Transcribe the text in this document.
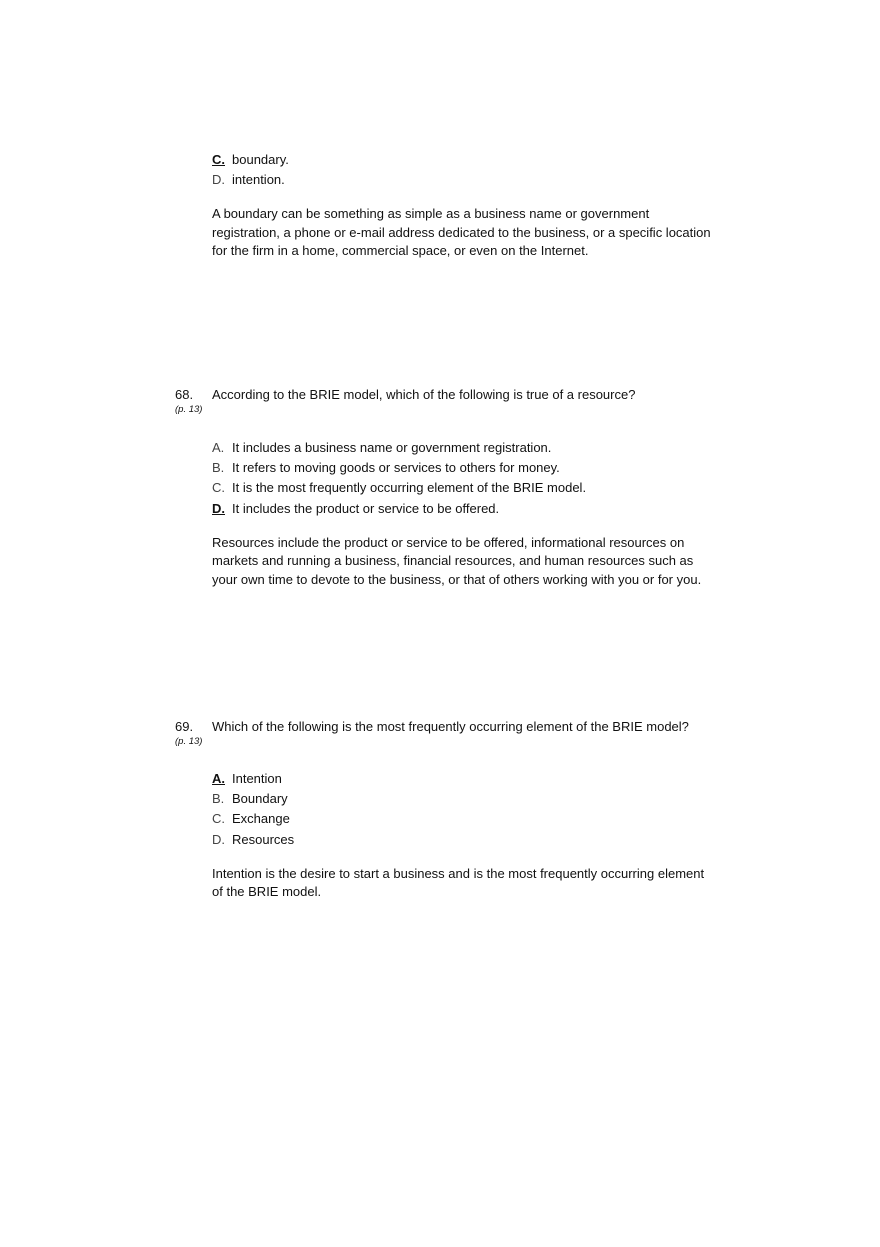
C. boundary.
D. intention.
A boundary can be something as simple as a business name or government
registration, a phone or e-mail address dedicated to the business, or a specific location
for the firm in a home, commercial space, or even on the Internet.
68. According to the BRIE model, which of the following is true of a resource?
(p. 13)
A. It includes a business name or government registration.
B. It refers to moving goods or services to others for money.
C. It is the most frequently occurring element of the BRIE model.
D. It includes the product or service to be offered.
Resources include the product or service to be offered, informational resources on
markets and running a business, financial resources, and human resources such as
your own time to devote to the business, or that of others working with you or for you.
69. Which of the following is the most frequently occurring element of the BRIE model?
(p. 13)
A. Intention
B. Boundary
C. Exchange
D. Resources
Intention is the desire to start a business and is the most frequently occurring element
of the BRIE model.
